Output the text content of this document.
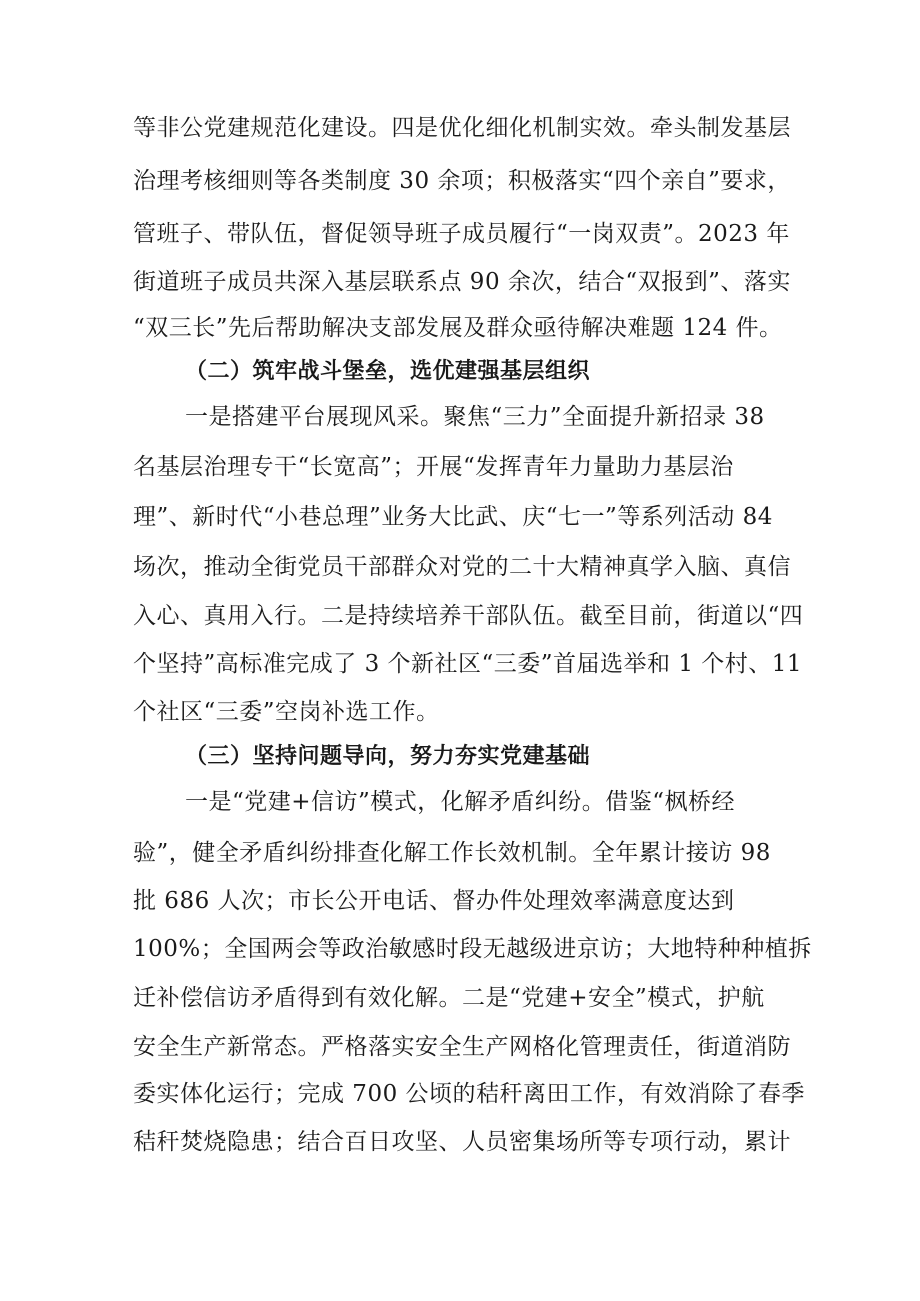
等非公党建规范化建设。四是优化细化机制实效。牵头制发基层
治理考核细则等各类制度 30 余项；积极落实“四个亲自”要求，
管班子、带队伍，督促领导班子成员履行“一岗双责”。2023 年
街道班子成员共深入基层联系点 90 余次，结合“双报到”、落实
“双三长”先后帮助解决支部发展及群众亟待解决难题 124 件。
（二）筑牢战斗堡垒，选优建强基层组织
一是搭建平台展现风采。聚焦“三力”全面提升新招录 38
名基层治理专干“长宽高”；开展“发挥青年力量助力基层治
理”、新时代“小巷总理”业务大比武、庆“七一”等系列活动 84
场次，推动全街党员干部群众对党的二十大精神真学入脑、真信
入心、真用入行。二是持续培养干部队伍。截至目前，街道以“四
个坚持”高标准完成了 3 个新社区“三委”首届选举和 1 个村、11
个社区“三委”空岗补选工作。
（三）坚持问题导向，努力夯实党建基础
一是“党建+信访”模式，化解矛盾纠纷。借鉴“枫桥经
验”，健全矛盾纠纷排查化解工作长效机制。全年累计接访 98
批 686 人次；市长公开电话、督办件处理效率满意度达到
100%；全国两会等政治敏感时段无越级进京访；大地特种种植拆
迁补偿信访矛盾得到有效化解。二是“党建+安全”模式，护航
安全生产新常态。严格落实安全生产网格化管理责任，街道消防
委实体化运行；完成 700 公顷的秸秆离田工作，有效消除了春季
秸秆焚烧隐患；结合百日攻坚、人员密集场所等专项行动，累计
